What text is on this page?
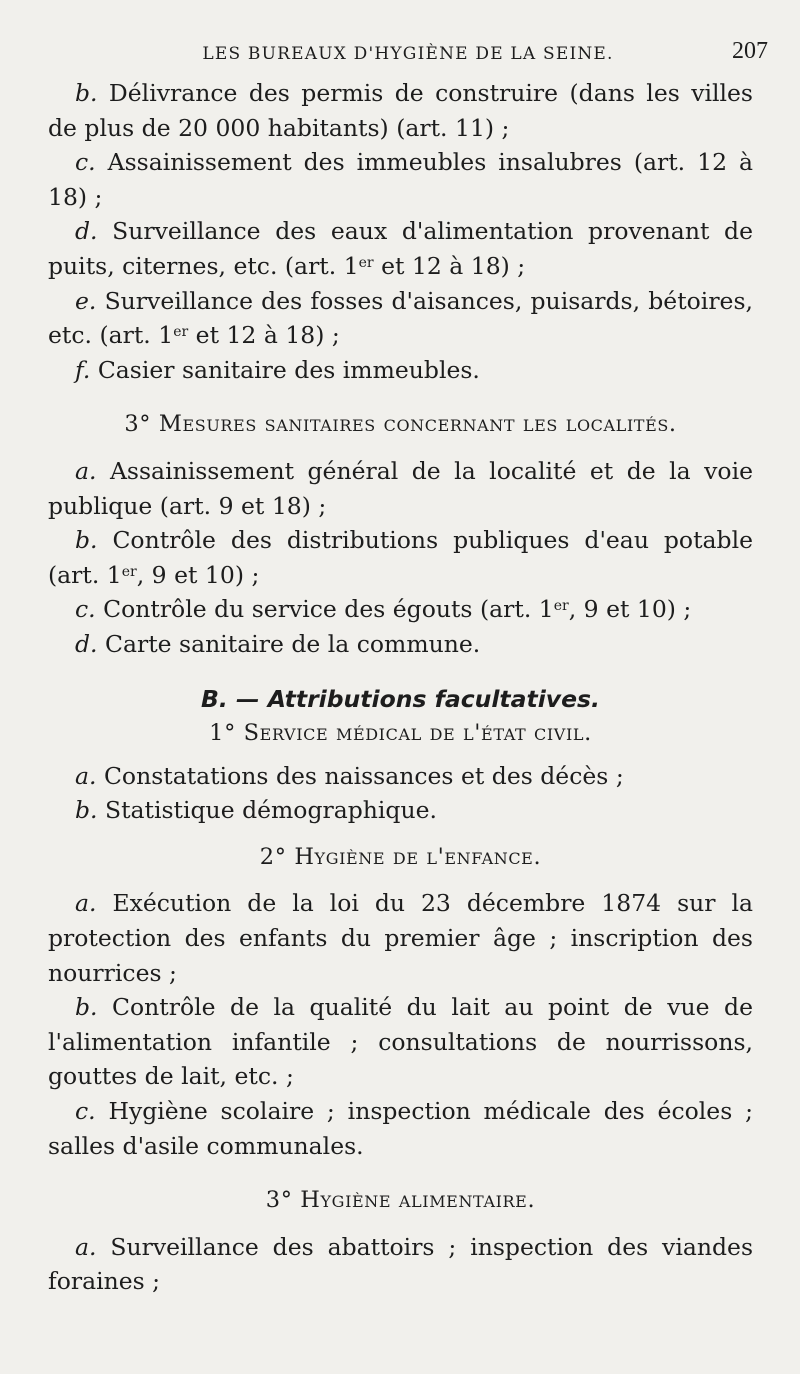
LES BUREAUX D'HYGIÈNE DE LA SEINE.	207

b. Délivrance des permis de construire (dans les villes de plus de 20 000 habitants) (art. 11) ;

c. Assainissement des immeubles insalubres (art. 12 à 18) ;

d. Surveillance des eaux d'alimentation provenant de puits, citernes, etc. (art. 1er et 12 à 18) ;

e. Surveillance des fosses d'aisances, puisards, bétoires, etc. (art. 1er et 12 à 18) ;

f. Casier sanitaire des immeubles.

3° Mesures sanitaires concernant les localités.

a. Assainissement général de la localité et de la voie publique (art. 9 et 18) ;

b. Contrôle des distributions publiques d'eau potable (art. 1er, 9 et 10) ;

c. Contrôle du service des égouts (art. 1er, 9 et 10) ;

d. Carte sanitaire de la commune.

B. — Attributions facultatives.

1° Service médical de l'état civil.

a. Constatations des naissances et des décès ;

b. Statistique démographique.

2° Hygiène de l'enfance.

a. Exécution de la loi du 23 décembre 1874 sur la protection des enfants du premier âge ; inscription des nourrices ;

b. Contrôle de la qualité du lait au point de vue de l'alimentation infantile ; consultations de nourrissons, gouttes de lait, etc. ;

c. Hygiène scolaire ; inspection médicale des écoles ; salles d'asile communales.

3° Hygiène alimentaire.

a. Surveillance des abattoirs ; inspection des viandes foraines ;
